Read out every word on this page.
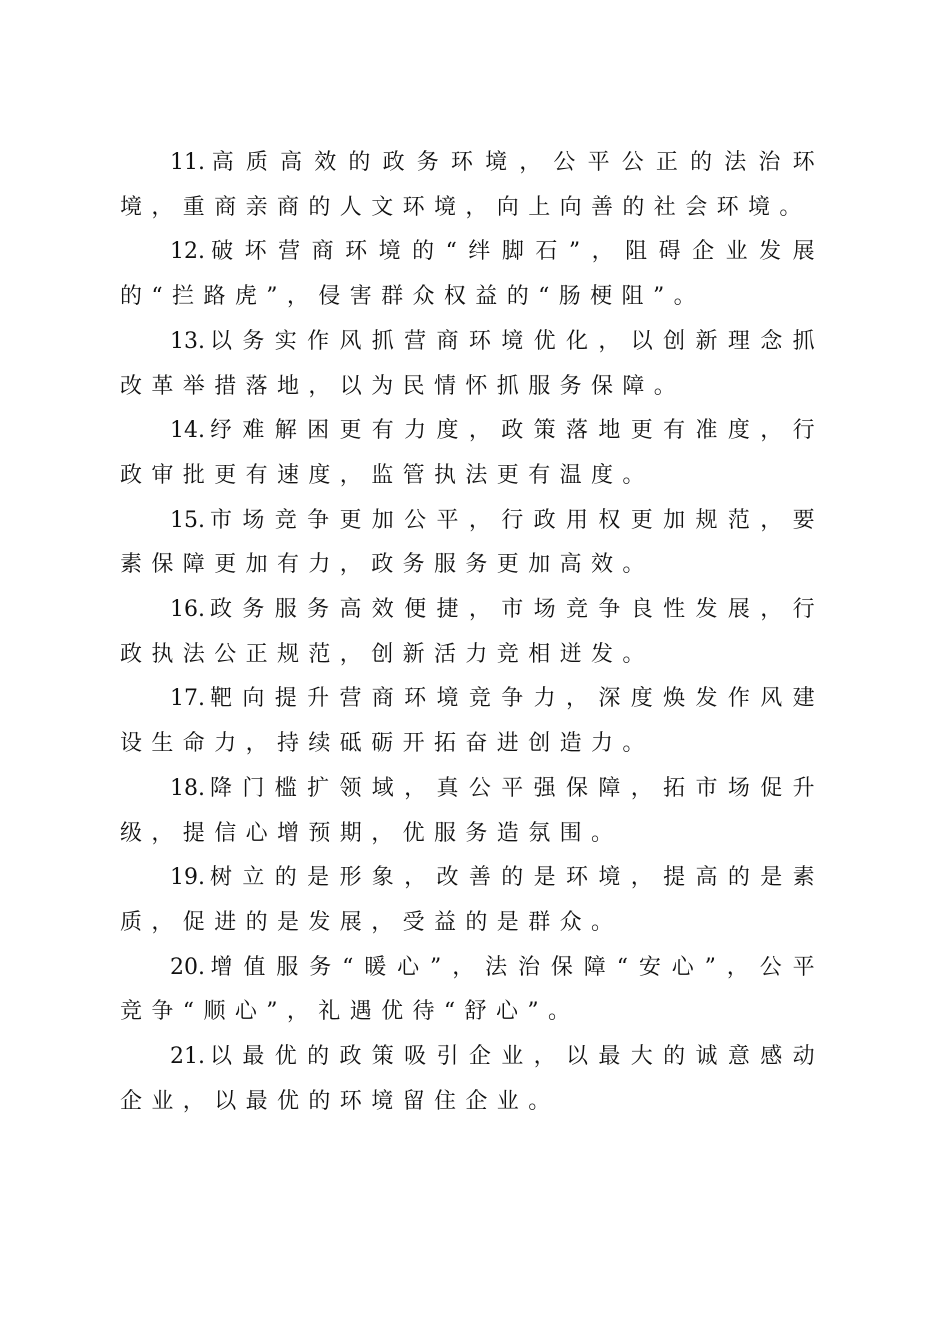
11. 高质高效的政务环境，公平公正的法治环境，重商亲商的人文环境，向上向善的社会环境。

12. 破坏营商环境的“绊脚石”，阻碍企业发展的“拦路虎”，侵害群众权益的“肠梗阻”。

13. 以务实作风抓营商环境优化，以创新理念抓改革举措落地，以为民情怀抓服务保障。

14. 纾难解困更有力度，政策落地更有准度，行政审批更有速度，监管执法更有温度。

15. 市场竞争更加公平，行政用权更加规范，要素保障更加有力，政务服务更加高效。

16. 政务服务高效便捷，市场竞争良性发展，行政执法公正规范，创新活力竞相迸发。

17. 靶向提升营商环境竞争力，深度焕发作风建设生命力，持续砥砺开拓奋进创造力。

18. 降门槛扩领域，真公平强保障，拓市场促升级，提信心增预期，优服务造氛围。

19. 树立的是形象，改善的是环境，提高的是素质，促进的是发展，受益的是群众。

20. 增值服务“暖心”，法治保障“安心”，公平竞争“顺心”，礼遇优待“舒心”。

21. 以最优的政策吸引企业，以最大的诚意感动企业，以最优的环境留住企业。
